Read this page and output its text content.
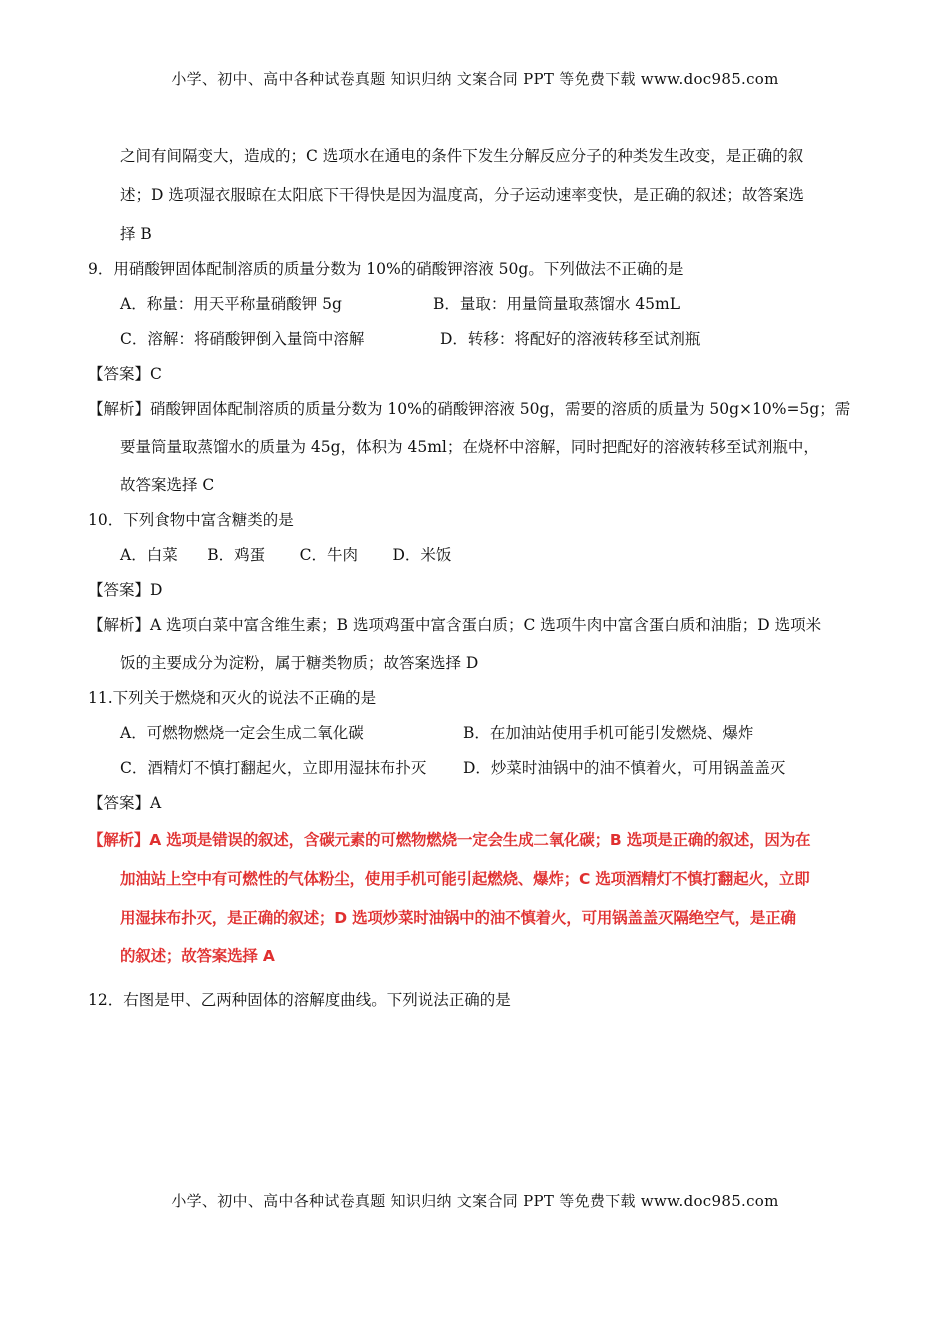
小学、初中、高中各种试卷真题 知识归纳 文案合同 PPT 等免费下载 www.doc985.com
之间有间隔变大，造成的；C 选项水在通电的条件下发生分解反应分子的种类发生改变，是正确的叙
述；D 选项湿衣服晾在太阳底下干得快是因为温度高，分子运动速率变快，是正确的叙述；故答案选
择 B
9．用硝酸钾固体配制溶质的质量分数为 10%的硝酸钾溶液 50g。下列做法不正确的是
A．称量：用天平称量硝酸钾 5g	B．量取：用量筒量取蒸馏水 45mL
C．溶解：将硝酸钾倒入量筒中溶解	D．转移：将配好的溶液转移至试剂瓶
【答案】C
【解析】硝酸钾固体配制溶质的质量分数为 10%的硝酸钾溶液 50g，需要的溶质的质量为 50g×10%=5g；需
要量筒量取蒸馏水的质量为 45g，体积为 45ml；在烧杯中溶解，同时把配好的溶液转移至试剂瓶中，
故答案选择 C
10．下列食物中富含糖类的是
A．白菜      B．鸡蛋       C．牛肉       D．米饭
【答案】D
【解析】A 选项白菜中富含维生素；B 选项鸡蛋中富含蛋白质；C 选项牛肉中富含蛋白质和油脂；D 选项米
饭的主要成分为淀粉，属于糖类物质；故答案选择 D
11.下列关于燃烧和灭火的说法不正确的是
A．可燃物燃烧一定会生成二氧化碳	B．在加油站使用手机可能引发燃烧、爆炸
C．酒精灯不慎打翻起火，立即用湿抹布扑灭 D．炒菜时油锅中的油不慎着火，可用锅盖盖灭
【答案】A
【解析】A 选项是错误的叙述，含碳元素的可燃物燃烧一定会生成二氧化碳；B 选项是正确的叙述，因为在
加油站上空中有可燃性的气体粉尘，使用手机可能引起燃烧、爆炸；C 选项酒精灯不慎打翻起火，立即
用湿抹布扑灭，是正确的叙述；D 选项炒菜时油锅中的油不慎着火，可用锅盖盖灭隔绝空气，是正确
的叙述；故答案选择 A
12．右图是甲、乙两种固体的溶解度曲线。下列说法正确的是
小学、初中、高中各种试卷真题 知识归纳 文案合同 PPT 等免费下载 www.doc985.com
